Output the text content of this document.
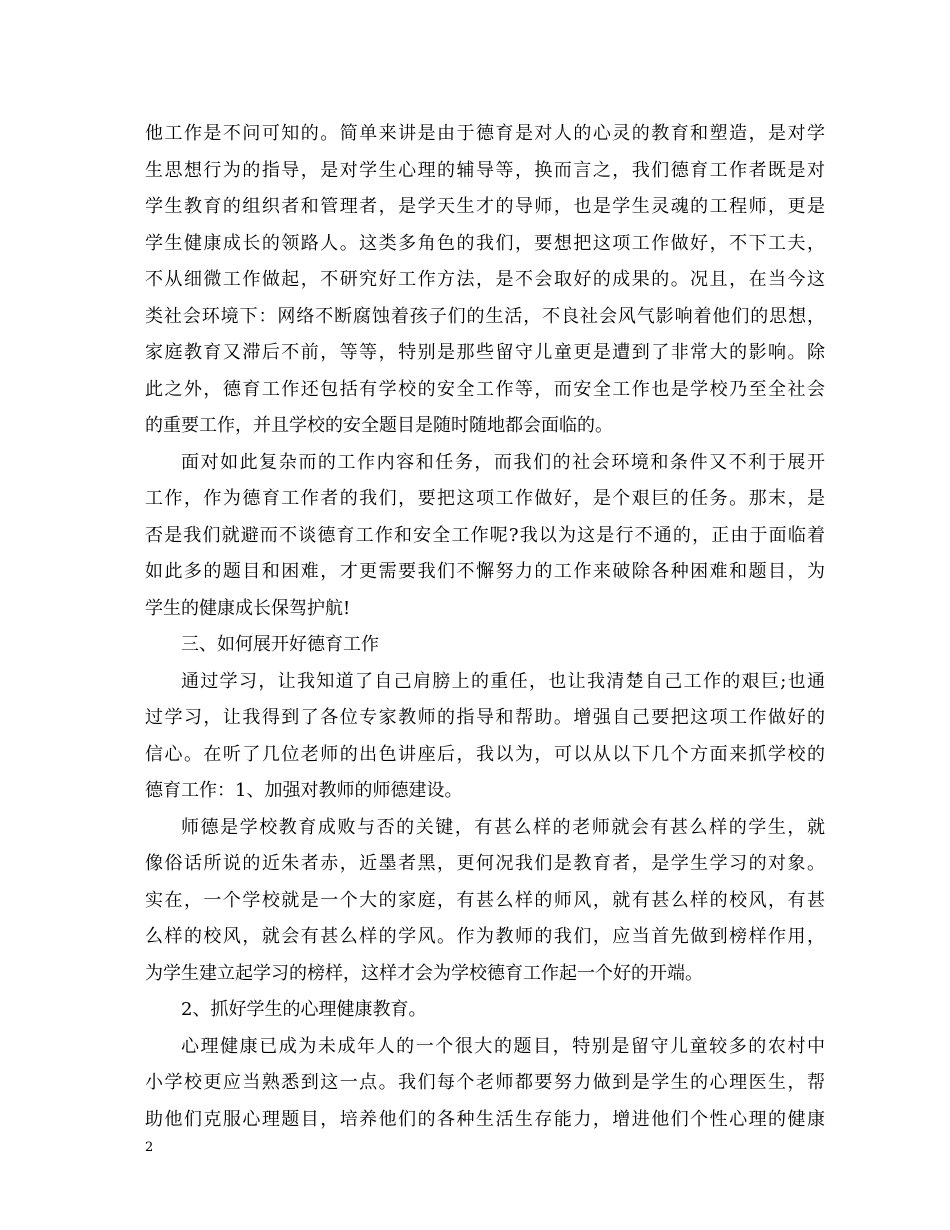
他工作是不问可知的。简单来讲是由于德育是对人的心灵的教育和塑造，是对学
生思想行为的指导，是对学生心理的辅导等，换而言之，我们德育工作者既是对
学生教育的组织者和管理者，是学天生才的导师，也是学生灵魂的工程师，更是
学生健康成长的领路人。这类多角色的我们，要想把这项工作做好，不下工夫，
不从细微工作做起，不研究好工作方法，是不会取好的成果的。况且，在当今这
类社会环境下：网络不断腐蚀着孩子们的生活，不良社会风气影响着他们的思想，
家庭教育又滞后不前，等等，特别是那些留守儿童更是遭到了非常大的影响。除
此之外，德育工作还包括有学校的安全工作等，而安全工作也是学校乃至全社会
的重要工作，并且学校的安全题目是随时随地都会面临的。
面对如此复杂而的工作内容和任务，而我们的社会环境和条件又不利于展开
工作，作为德育工作者的我们，要把这项工作做好，是个艰巨的任务。那末，是
否是我们就避而不谈德育工作和安全工作呢?我以为这是行不通的，正由于面临着
如此多的题目和困难，才更需要我们不懈努力的工作来破除各种困难和题目，为
学生的健康成长保驾护航!
三、如何展开好德育工作
通过学习，让我知道了自己肩膀上的重任，也让我清楚自己工作的艰巨;也通
过学习，让我得到了各位专家教师的指导和帮助。增强自己要把这项工作做好的
信心。在听了几位老师的出色讲座后，我以为，可以从以下几个方面来抓学校的
德育工作：1、加强对教师的师德建设。
师德是学校教育成败与否的关键，有甚么样的老师就会有甚么样的学生，就
像俗话所说的近朱者赤，近墨者黑，更何况我们是教育者，是学生学习的对象。
实在，一个学校就是一个大的家庭，有甚么样的师风，就有甚么样的校风，有甚
么样的校风，就会有甚么样的学风。作为教师的我们，应当首先做到榜样作用，
为学生建立起学习的榜样，这样才会为学校德育工作起一个好的开端。
2、抓好学生的心理健康教育。
心理健康已成为未成年人的一个很大的题目，特别是留守儿童较多的农村中
小学校更应当熟悉到这一点。我们每个老师都要努力做到是学生的心理医生，帮
助他们克服心理题目，培养他们的各种生活生存能力，增进他们个性心理的健康
2
